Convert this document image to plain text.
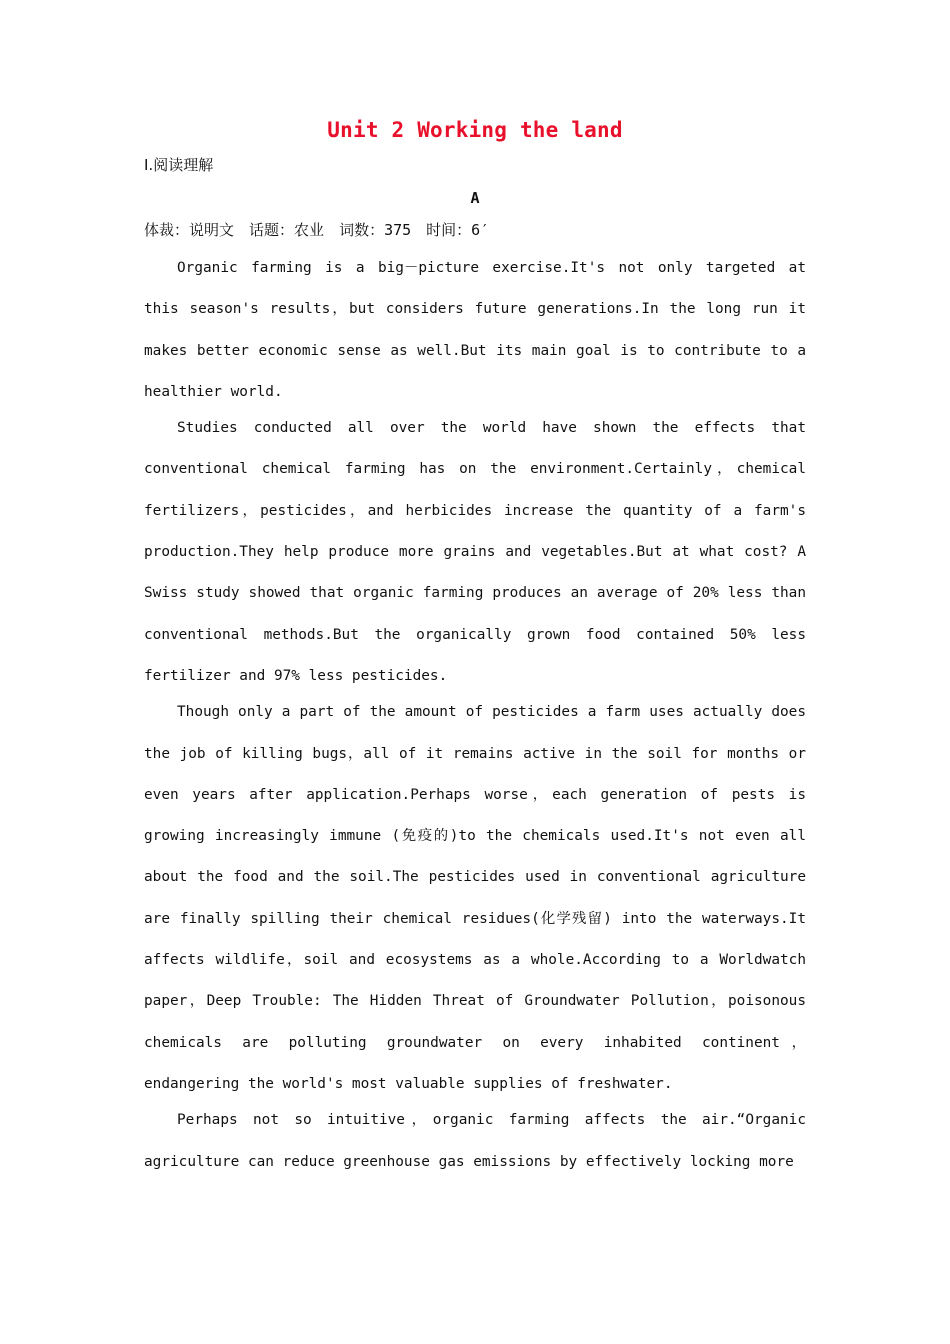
Unit 2 Working the land
Ⅰ.阅读理解
A
体裁：说明文 话题：农业 词数：375 时间：6′

Organic farming is a big－picture exercise.It's not only targeted at this season's results，but considers future generations.In the long run it makes better economic sense as well.But its main goal is to contribute to a healthier world.

Studies conducted all over the world have shown the effects that conventional chemical farming has on the environment.Certainly，chemical fertilizers，pesticides，and herbicides increase the quantity of a farm's production.They help produce more grains and vegetables.But at what cost? A Swiss study showed that organic farming produces an average of 20% less than conventional methods.But the organically grown food contained 50% less fertilizer and 97% less pesticides.

Though only a part of the amount of pesticides a farm uses actually does the job of killing bugs，all of it remains active in the soil for months or even years after application.Perhaps worse，each generation of pests is growing increasingly immune (免疫的)to the chemicals used.It's not even all about the food and the soil.The pesticides used in conventional agriculture are finally spilling their chemical residues(化学残留) into the waterways.It affects wildlife，soil and ecosystems as a whole.According to a Worldwatch paper，Deep Trouble: The Hidden Threat of Groundwater Pollution，poisonous chemicals are polluting groundwater on every inhabited continent，endangering the world's most valuable supplies of freshwater.

Perhaps not so intuitive，organic farming affects the air.“Organic agriculture can reduce greenhouse gas emissions by effectively locking more
